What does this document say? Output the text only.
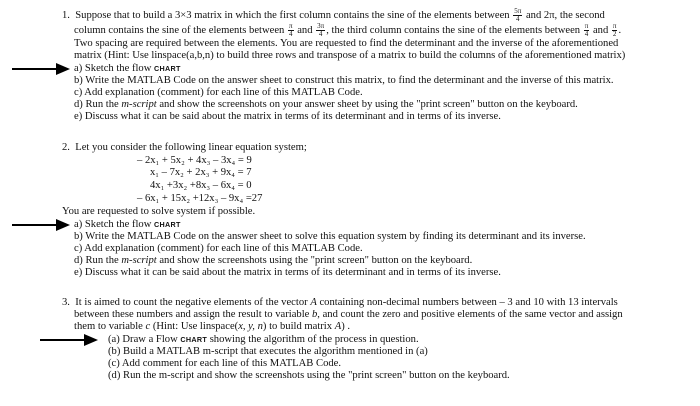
1. Suppose that to build a 3×3 matrix in which the first column contains the sine of the elements between $\frac{5\pi}{4}$ and 2π, the second
column contains the sine of the elements between $\frac{\pi}{4}$ and $\frac{3\pi}{4}$ , the third column contains the sine of the elements between $\frac{\pi}{4}$ and $\frac{\pi}{2}$ .
Two spacing are required between the elements. You are requested to find the determinant and the inverse of the aforementioned
matrix (Hint: Use linspace(a,b,n) to build three rows and transpose of a matrix to build the columns of the aforementioned matrix)
a) Sketch the flow CHART
b) Write the MATLAB Code on the answer sheet to construct this matrix, to find the determinant and the inverse of this matrix.
c) Add explanation (comment) for each line of this MATLAB Code.
d) Run the m-script and show the screenshots on your answer sheet by using the "print screen" button on the keyboard.
e) Discuss what it can be said about the matrix in terms of its determinant and in terms of its inverse.
2. Let you consider the following linear equation system;
– 2x₁ + 5x₂ + 4x₃ – 3x₄ = 9
x₁ – 7x₂ + 2x₃ + 9x₄ = 7
4x₁ +3x₂ +8x₃ – 6x₄ = 0
– 6x₁ + 15x₂ +12x₃ – 9x₄ =27
You are requested to solve system if possible.
a) Sketch the flow CHART
b) Write the MATLAB Code on the answer sheet to solve this equation system by finding its determinant and its inverse.
c) Add explanation (comment) for each line of this MATLAB Code.
d) Run the m-script and show the screenshots using the "print screen" button on the keyboard.
e) Discuss what it can be said about the matrix in terms of its determinant and in terms of its inverse.
3. It is aimed to count the negative elements of the vector A containing non-decimal numbers between – 3 and 10 with 13 intervals
between these numbers and assign the result to variable b, and count the zero and positive elements of the same vector and assign
them to variable c (Hint: Use linspace(x, y, n) to build matrix A) .
(a) Draw a Flow CHART showing the algorithm of the process in question.
(b) Build a MATLAB m-script that executes the algorithm mentioned in (a)
(c) Add comment for each line of this MATLAB Code.
(d) Run the m-script and show the screenshots using the "print screen" button on the keyboard.
